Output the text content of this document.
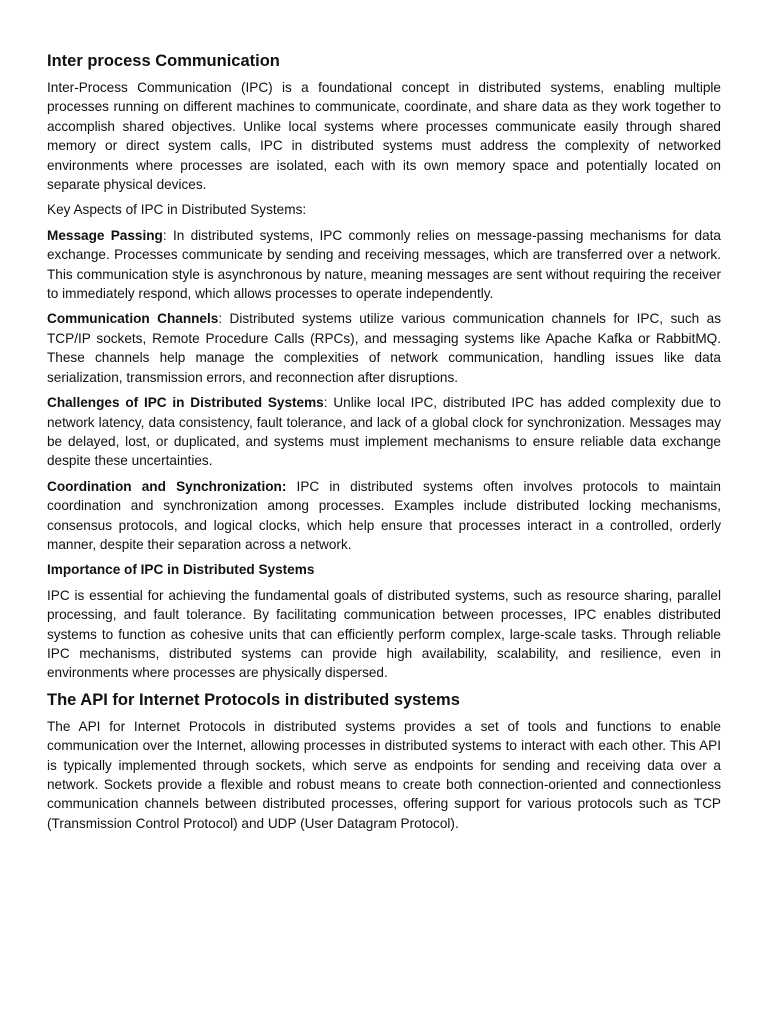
Inter process Communication

Inter-Process Communication (IPC) is a foundational concept in distributed systems, enabling multiple processes running on different machines to communicate, coordinate, and share data as they work together to accomplish shared objectives. Unlike local systems where processes communicate easily through shared memory or direct system calls, IPC in distributed systems must address the complexity of networked environments where processes are isolated, each with its own memory space and potentially located on separate physical devices.

Key Aspects of IPC in Distributed Systems:

Message Passing: In distributed systems, IPC commonly relies on message-passing mechanisms for data exchange. Processes communicate by sending and receiving messages, which are transferred over a network. This communication style is asynchronous by nature, meaning messages are sent without requiring the receiver to immediately respond, which allows processes to operate independently.

Communication Channels: Distributed systems utilize various communication channels for IPC, such as TCP/IP sockets, Remote Procedure Calls (RPCs), and messaging systems like Apache Kafka or RabbitMQ. These channels help manage the complexities of network communication, handling issues like data serialization, transmission errors, and reconnection after disruptions.

Challenges of IPC in Distributed Systems: Unlike local IPC, distributed IPC has added complexity due to network latency, data consistency, fault tolerance, and lack of a global clock for synchronization. Messages may be delayed, lost, or duplicated, and systems must implement mechanisms to ensure reliable data exchange despite these uncertainties.

Coordination and Synchronization: IPC in distributed systems often involves protocols to maintain coordination and synchronization among processes. Examples include distributed locking mechanisms, consensus protocols, and logical clocks, which help ensure that processes interact in a controlled, orderly manner, despite their separation across a network.

Importance of IPC in Distributed Systems

IPC is essential for achieving the fundamental goals of distributed systems, such as resource sharing, parallel processing, and fault tolerance. By facilitating communication between processes, IPC enables distributed systems to function as cohesive units that can efficiently perform complex, large-scale tasks. Through reliable IPC mechanisms, distributed systems can provide high availability, scalability, and resilience, even in environments where processes are physically dispersed.

The API for Internet Protocols in distributed systems

The API for Internet Protocols in distributed systems provides a set of tools and functions to enable communication over the Internet, allowing processes in distributed systems to interact with each other. This API is typically implemented through sockets, which serve as endpoints for sending and receiving data over a network. Sockets provide a flexible and robust means to create both connection-oriented and connectionless communication channels between distributed processes, offering support for various protocols such as TCP (Transmission Control Protocol) and UDP (User Datagram Protocol).
